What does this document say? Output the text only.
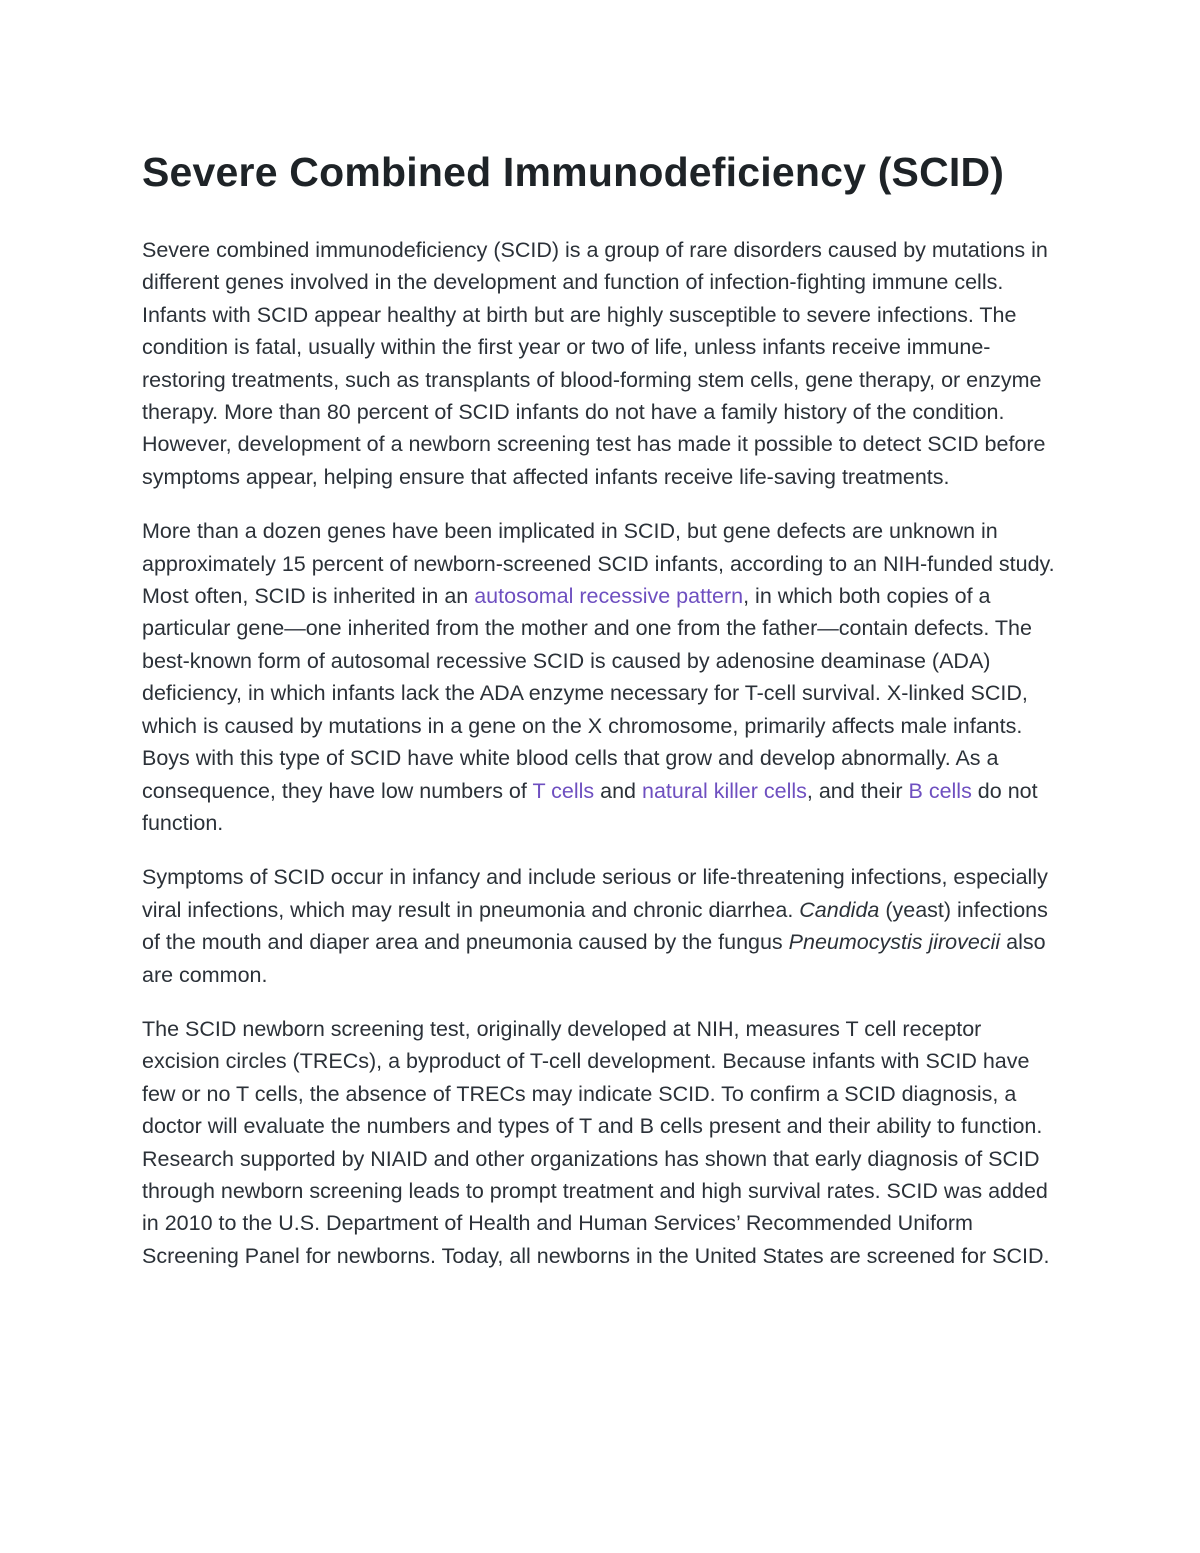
Severe Combined Immunodeficiency (SCID)

Severe combined immunodeficiency (SCID) is a group of rare disorders caused by mutations in different genes involved in the development and function of infection-fighting immune cells. Infants with SCID appear healthy at birth but are highly susceptible to severe infections. The condition is fatal, usually within the first year or two of life, unless infants receive immune-restoring treatments, such as transplants of blood-forming stem cells, gene therapy, or enzyme therapy. More than 80 percent of SCID infants do not have a family history of the condition. However, development of a newborn screening test has made it possible to detect SCID before symptoms appear, helping ensure that affected infants receive life-saving treatments.

More than a dozen genes have been implicated in SCID, but gene defects are unknown in approximately 15 percent of newborn-screened SCID infants, according to an NIH-funded study. Most often, SCID is inherited in an autosomal recessive pattern, in which both copies of a particular gene—one inherited from the mother and one from the father—contain defects. The best-known form of autosomal recessive SCID is caused by adenosine deaminase (ADA) deficiency, in which infants lack the ADA enzyme necessary for T-cell survival. X-linked SCID, which is caused by mutations in a gene on the X chromosome, primarily affects male infants. Boys with this type of SCID have white blood cells that grow and develop abnormally. As a consequence, they have low numbers of T cells and natural killer cells, and their B cells do not function.

Symptoms of SCID occur in infancy and include serious or life-threatening infections, especially viral infections, which may result in pneumonia and chronic diarrhea. Candida (yeast) infections of the mouth and diaper area and pneumonia caused by the fungus Pneumocystis jirovecii also are common.

The SCID newborn screening test, originally developed at NIH, measures T cell receptor excision circles (TRECs), a byproduct of T-cell development. Because infants with SCID have few or no T cells, the absence of TRECs may indicate SCID. To confirm a SCID diagnosis, a doctor will evaluate the numbers and types of T and B cells present and their ability to function. Research supported by NIAID and other organizations has shown that early diagnosis of SCID through newborn screening leads to prompt treatment and high survival rates. SCID was added in 2010 to the U.S. Department of Health and Human Services’ Recommended Uniform Screening Panel for newborns. Today, all newborns in the United States are screened for SCID.
